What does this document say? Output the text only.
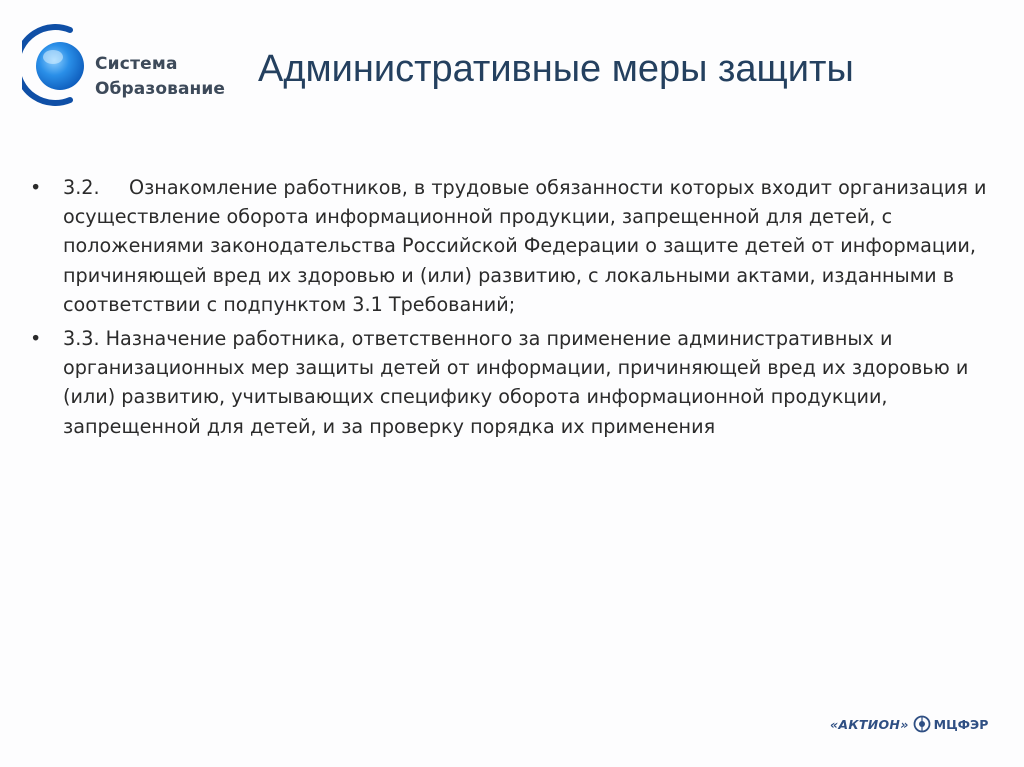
Система
Образование Административные меры защиты
•	3.2. Ознакомление работников, в трудовые обязанности которых входит организация и осуществление оборота информационной продукции, запрещенной для детей, с положениями законодательства Российской Федерации о защите детей от информации, причиняющей вред их здоровью и (или) развитию, с локальными актами, изданными в соответствии с подпунктом 3.1 Требований;
•	3.3. Назначение работника, ответственного за применение административных и организационных мер защиты детей от информации, причиняющей вред их здоровью и (или) развитию, учитывающих специфику оборота информационной продукции, запрещенной для детей, и за проверку порядка их применения
«АКТИОН» МЦФЭР
